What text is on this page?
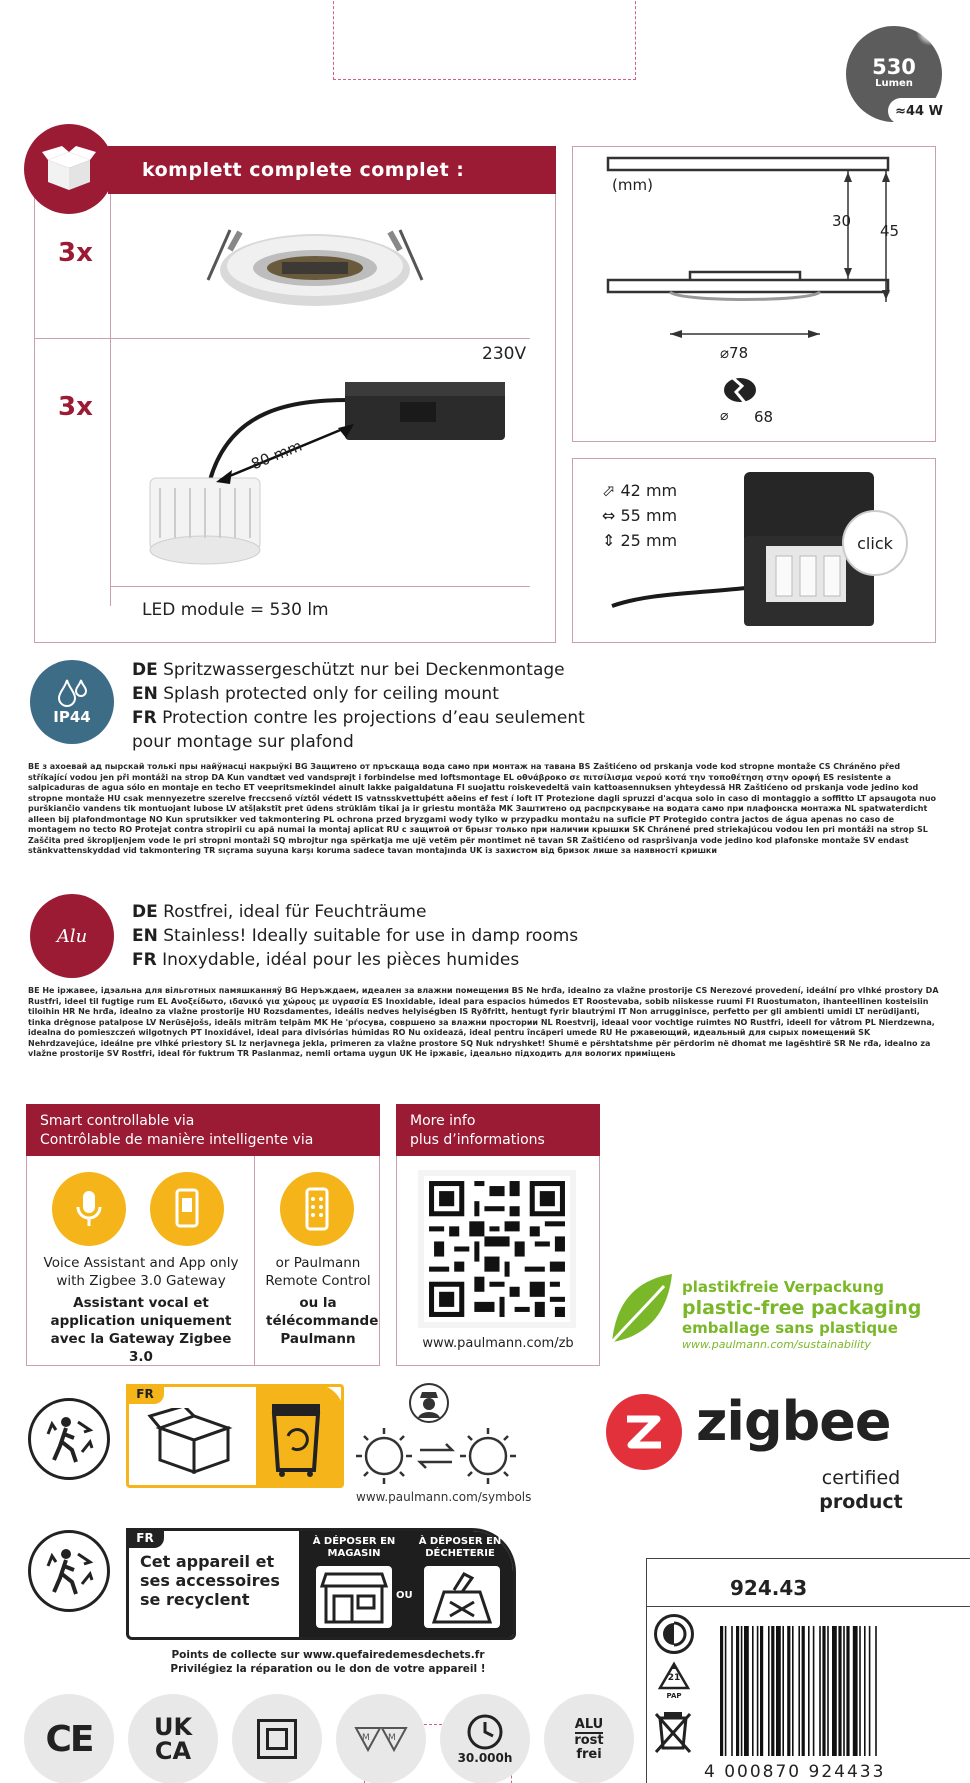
530
Lumen
≈44 W
komplett complete complet :
3x
3x
230V
80 mm
LED module = 530 lm
(mm)
30
45
⌀78
⌀ 68
⬀ 42 mm
⇔ 55 mm
⇕ 25 mm	click
IP44
DE Spritzwassergeschützt nur bei Deckenmontage
EN Splash protected only for ceiling mount
FR Protection contre les projections d’eau seulement
pour montage sur plafond
BE з ахоевай ад пырскай толькі пры найўнасці накрыўкі BG Защитено от пръскаща вода само при монтаж на тавана BS Zaštićeno od prskanja vode kod stropne montaže CS Chráněno před stříkající vodou jen při montáži na strop DA Kun vandtæt ved vandsprøjt i forbindelse med loftsmontage EL οθνάβροκο σε πιτσίλισμα νερού κοτά την τοποθέτηση στην οροφή ES resistente a salpicaduras de agua sólo en montaje en techo ET veepritsmekindel ainult lakke paigaldatuna FI suojattu roiskevedeltä vain kattoasennuksen yhteydessä HR Zaštićeno od prskanja vode jedino kod stropne montaže HU csak mennyezetre szerelve freccsenő víztől védett IS vatnsskvettuþétt aðeins ef fest í loft IT Protezione dagli spruzzi d'acqua solo in caso di montaggio a soffitto LT apsaugota nuo purškiančio vandens tik montuojant lubose LV atšļakstīt pret ūdens strūklām tikai ja ir griestu montāža MK Заштитено од распрскување на водата само при плафонска монтажа NL spatwaterdicht alleen bij plafondmontage NO Kun sprutsikker ved takmontering PL ochrona przed bryzgami wody tylko w przypadku montażu na suficie PT Protegido contra jactos de água apenas no caso de montagem no tecto RO Protejat contra stropirii cu apă numai la montaj aplicat RU с защитой от брызг только при наличии крышки SK Chránené pred striekajúcou vodou len pri montáži na strop SL Zaščita pred škropljenjem vode le pri stropni montaži SQ mbrojtur nga spërkatja me ujë vetëm për montimet në tavan SR Zaštićeno od raspršivanja vode jedino kod plafonske montaže SV endast stänkvattenskyddad vid takmontering TR sıçrama suyuna karşı koruma sadece tavan montajında UK із захистом від бризок лише за наявності кришки
Alu
DE Rostfrei, ideal für Feuchträume
EN Stainless! Ideally suitable for use in damp rooms
FR Inoxydable, idéal pour les pièces humides
BE Не іржавее, ідэальна для вільготных памяшканняў BG Неръждаем, идеален за влажни помещения BS Ne hrđa, idealno za vlažne prostorije CS Nerezové provedení, ideální pro vlhké prostory DA Rustfri, ideel til fugtige rum EL Ανοξείδωτο, ιδανικό για χώρους με υγρασία ES Inoxidable, ideal para espacios húmedos ET Roostevaba, sobib niiskesse ruumi FI Ruostumaton, ihanteellinen kosteisiin tiloihin HR Ne hrđa, idealno za vlažne prostorije HU Rozsdamentes, ideális nedves helyiségben IS Ryðfritt, hentugt fyrir blautrými IT Non arrugginisce, perfetto per gli ambienti umidi LT nerūdijanti, tinka drėgnose patalpose LV Nerūsējošs, ideāls mitrām telpām MK Не 'рѓосува, совршено за влажни простории NL Roestvrij, ideaal voor vochtige ruimtes NO Rustfri, ideell for våtrom PL Nierdzewna, idealna do pomieszczeń wilgotnych PT Inoxidável, ideal para divisórias húmidas RO Nu oxidează, ideal pentru încăperi umede RU Не ржавеющий, идеальный для сырых помещений SK Nehrdzavejúce, ideálne pre vlhké priestory SL Iz nerjavnega jekla, primeren za vlažne prostore SQ Nuk ndryshket! Shumë e përshtatshme për përdorim në dhomat me lagështirë SR Ne rđa, idealno za vlažne prostorije SV Rostfri, ideal för fuktrum TR Paslanmaz, nemli ortama uygun UK Не іржавіє, ідеально підходить для вологих приміщень
Smart controllable via
Contrôlable de manière intelligente via
Voice Assistant and App only with Zigbee 3.0 Gateway
Assistant vocal et application uniquement avec la Gateway Zigbee 3.0
or Paulmann Remote Control
ou la télécommande Paulmann
More info
plus d’informations
www.paulmann.com/zb
plastikfreie Verpackung
plastic-free packaging
emballage sans plastique
www.paulmann.com/sustainability
FR
www.paulmann.com/symbols
zigbee
certified
product
FR
Cet appareil et ses accessoires se recyclent
À DÉPOSER EN MAGASIN
À DÉPOSER EN DÉCHETERIE
OU
Points de collecte sur www.quefairedemesdechets.fr
Privilégiez la réparation ou le don de votre appareil !
924.43
21
PAP
4 000870 924433
CE	UK
CA	M M
30.000h
ALU
rost
frei
